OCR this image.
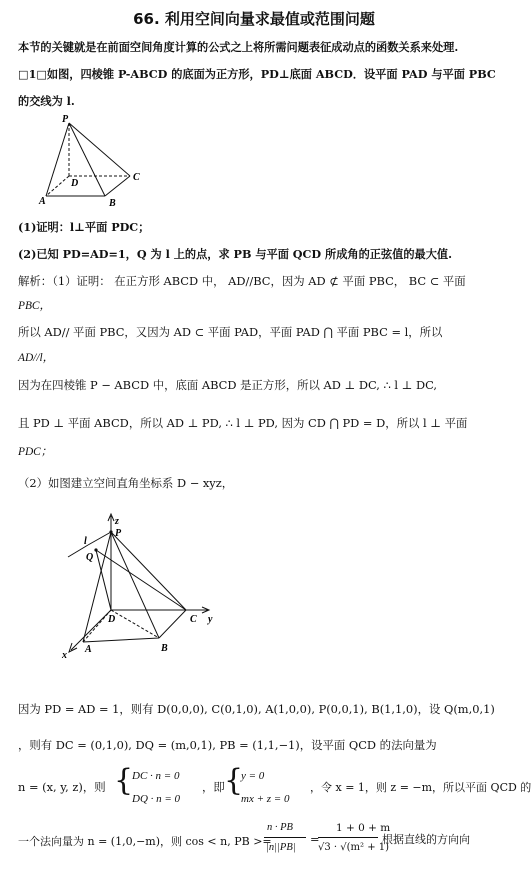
66. 利用空间向量求最值或范围问题
本节的关键就是在前面空间角度计算的公式之上将所需问题表征成动点的函数关系来处理.
□1□如图，四棱锥 P-ABCD 的底面为正方形，PD⊥底面 ABCD．设平面 PAD 与平面 PBC
的交线为 l.
P
D
C
A	B
(1)证明：l⊥平面 PDC；
(2)已知 PD=AD=1，Q 为 l 上的点，求 PB 与平面 QCD 所成角的正弦值的最大值.
解析：（1）证明： 在正方形 ABCD 中， AD//BC，因为 AD ⊄ 平面 PBC， BC ⊂ 平面
PBC，
所以 AD// 平面 PBC，又因为 AD ⊂ 平面 PAD，平面 PAD ⋂ 平面 PBC = l，所以
AD//l，
因为在四棱锥 P − ABCD 中，底面 ABCD 是正方形，所以 AD ⊥ DC, ∴ l ⊥ DC,
且 PD ⊥ 平面 ABCD，所以 AD ⊥ PD, ∴ l ⊥ PD, 因为 CD ⋂ PD = D，所以 l ⊥ 平面
PDC；
（2）如图建立空间直角坐标系 D − xyz，
z
P
l
Q
D	C y
A	B
x
因为 PD = AD = 1，则有 D(0,0,0), C(0,1,0), A(1,0,0), P(0,0,1), B(1,1,0)，设 Q(m,0,1)
，则有 DC = (0,1,0), DQ = (m,0,1), PB = (1,1,−1)，设平面 QCD 的法向量为
n = (x, y, z)，则 {
DC · n = 0
DQ · n = 0
，即 {
y = 0
mx + z = 0
，令 x = 1，则 z = −m，所以平面 QCD 的
一个法向量为 n = (1,0,−m)，则 cos < n, PB >=
n · PB
|n||PB|
=
1 + 0 + m
√3 · √(m² + 1)
根据直线的方向向
